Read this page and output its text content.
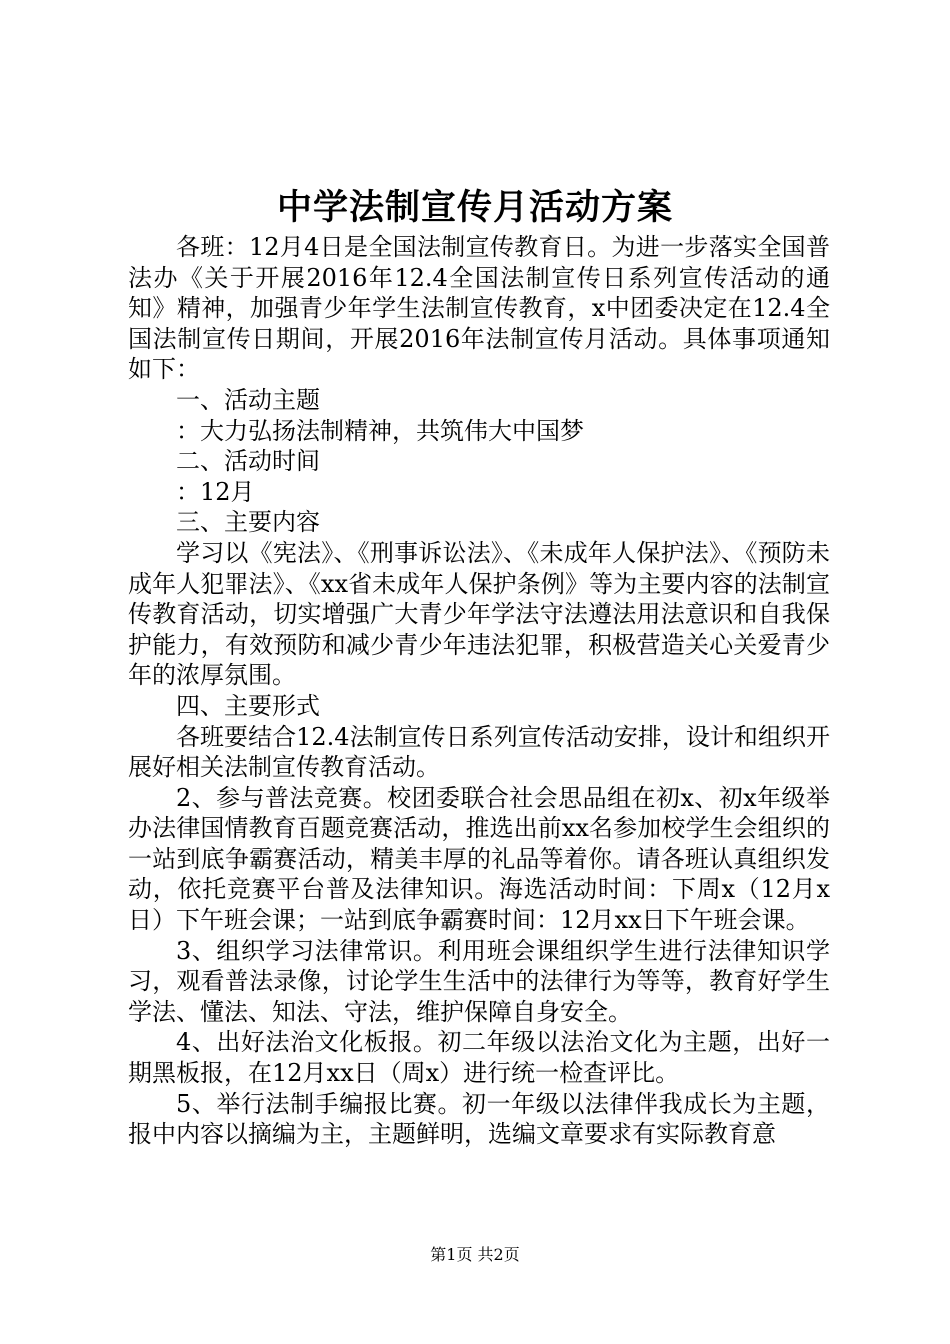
中学法制宣传月活动方案

各班：12月4日是全国法制宣传教育日。为进一步落实全国普法办《关于开展2016年12.4全国法制宣传日系列宣传活动的通知》精神，加强青少年学生法制宣传教育，x中团委决定在12.4全国法制宣传日期间，开展2016年法制宣传月活动。具体事项通知如下：

一、活动主题

：大力弘扬法制精神，共筑伟大中国梦

二、活动时间

：12月

三、主要内容

学习以《宪法》、《刑事诉讼法》、《未成年人保护法》、《预防未成年人犯罪法》、《xx省未成年人保护条例》等为主要内容的法制宣传教育活动，切实增强广大青少年学法守法遵法用法意识和自我保护能力，有效预防和减少青少年违法犯罪，积极营造关心关爱青少年的浓厚氛围。

四、主要形式

各班要结合12.4法制宣传日系列宣传活动安排，设计和组织开展好相关法制宣传教育活动。

2、参与普法竞赛。校团委联合社会思品组在初x、初x年级举办法律国情教育百题竞赛活动，推选出前xx名参加校学生会组织的一站到底争霸赛活动，精美丰厚的礼品等着你。请各班认真组织发动，依托竞赛平台普及法律知识。海选活动时间：下周x（12月x日）下午班会课；一站到底争霸赛时间：12月xx日下午班会课。

3、组织学习法律常识。利用班会课组织学生进行法律知识学习，观看普法录像，讨论学生生活中的法律行为等等，教育好学生学法、懂法、知法、守法，维护保障自身安全。

4、出好法治文化板报。初二年级以法治文化为主题，出好一期黑板报，在12月xx日（周x）进行统一检查评比。

5、举行法制手编报比赛。初一年级以法律伴我成长为主题，报中内容以摘编为主，主题鲜明，选编文章要求有实际教育意

第1页 共2页
